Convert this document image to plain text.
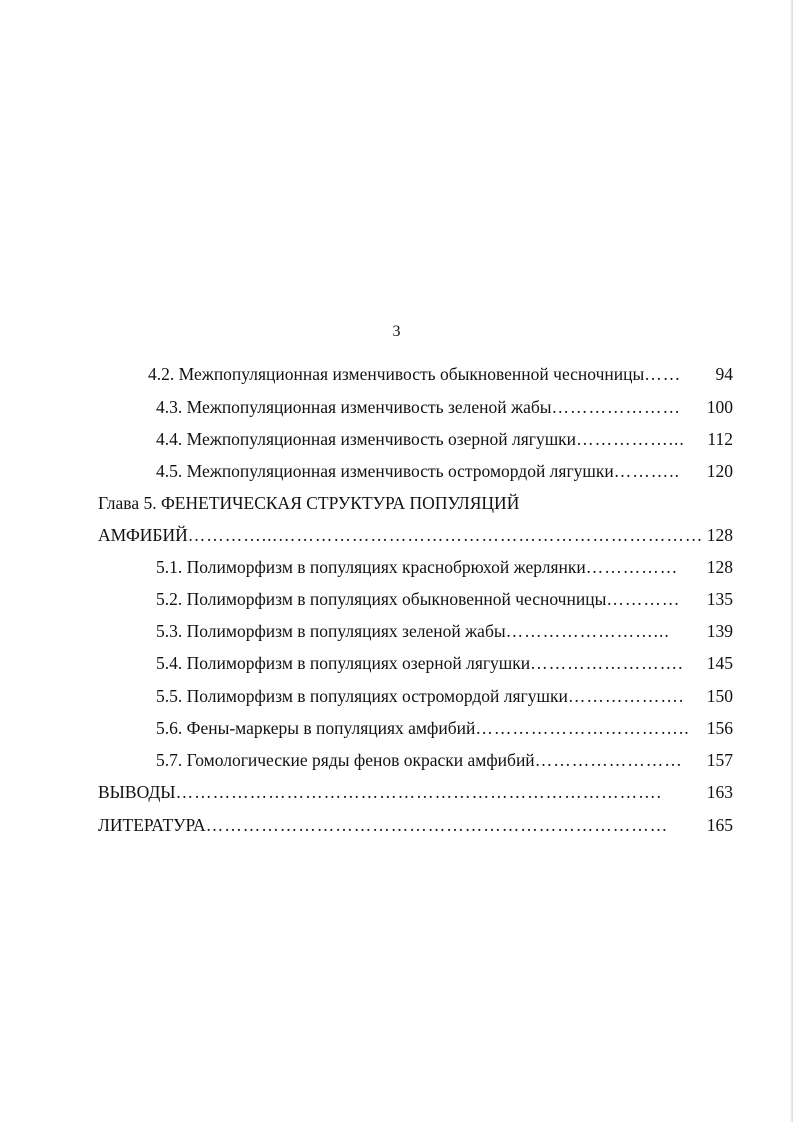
3
4.2. Межпопуляционная изменчивость обыкновенной чесночницы…… 94
4.3. Межпопуляционная изменчивость зеленой жабы………………… 100
4.4. Межпопуляционная изменчивость озерной лягушки……………... 112
4.5. Межпопуляционная изменчивость остромордой лягушки……….. 120
Глава 5. ФЕНЕТИЧЕСКАЯ СТРУКТУРА ПОПУЛЯЦИЙ
АМФИБИЙ…………...…………………………………………………………… 128
5.1. Полиморфизм в популяциях краснобрюхой жерлянки…………… 128
5.2. Полиморфизм в популяциях обыкновенной чесночницы………… 135
5.3. Полиморфизм в популяциях зеленой жабы……………………... 139
5.4. Полиморфизм в популяциях озерной лягушки……………………. 145
5.5. Полиморфизм в популяциях остромордой лягушки………………. 150
5.6. Фены-маркеры в популяциях амфибий…………………………….. 156
5.7. Гомологические ряды фенов окраски амфибий…………………… 157
ВЫВОДЫ…………………………………………………………………….	163
ЛИТЕРАТУРА………………………………………………………………… 165
